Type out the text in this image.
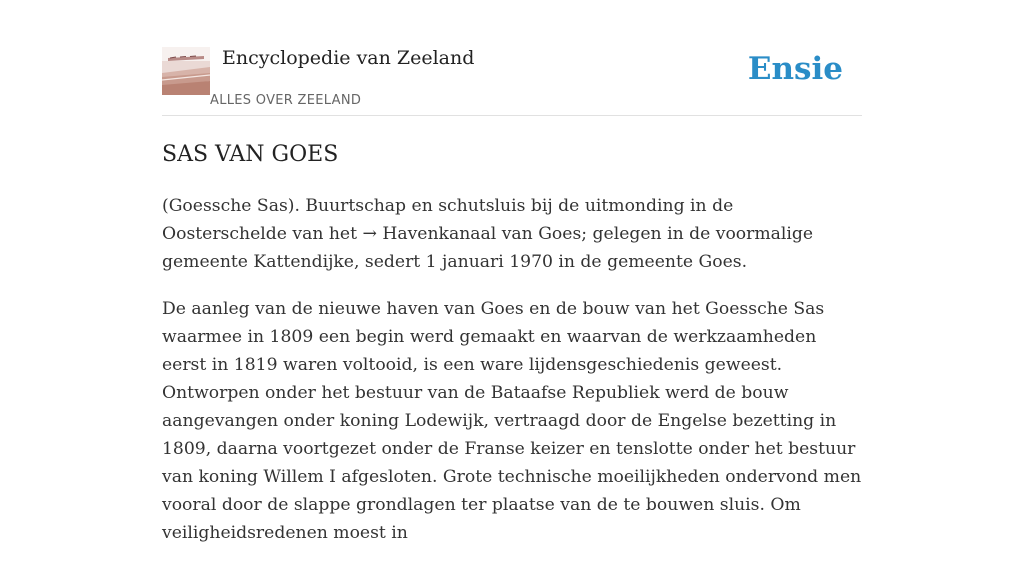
Encyclopedie van Zeeland
ALLES OVER ZEELAND
Ensie
SAS VAN GOES

(Goessche Sas). Buurtschap en schutsluis bij de uitmonding in de Oosterschelde van het → Havenkanaal van Goes; gelegen in de voormalige gemeente Kattendijke, sedert 1 januari 1970 in de gemeente Goes.

De aanleg van de nieuwe haven van Goes en de bouw van het Goessche Sas waarmee in 1809 een begin werd gemaakt en waarvan de werkzaamheden eerst in 1819 waren voltooid, is een ware lijdensgeschiedenis geweest. Ontworpen onder het bestuur van de Bataafse Republiek werd de bouw aangevangen onder koning Lodewijk, vertraagd door de Engelse bezetting in 1809, daarna voortgezet onder de Franse keizer en tenslotte onder het bestuur van koning Willem I afgesloten. Grote technische moeilijkheden ondervond men vooral door de slappe grondlagen ter plaatse van de te bouwen sluis. Om veiligheidsredenen moest in
